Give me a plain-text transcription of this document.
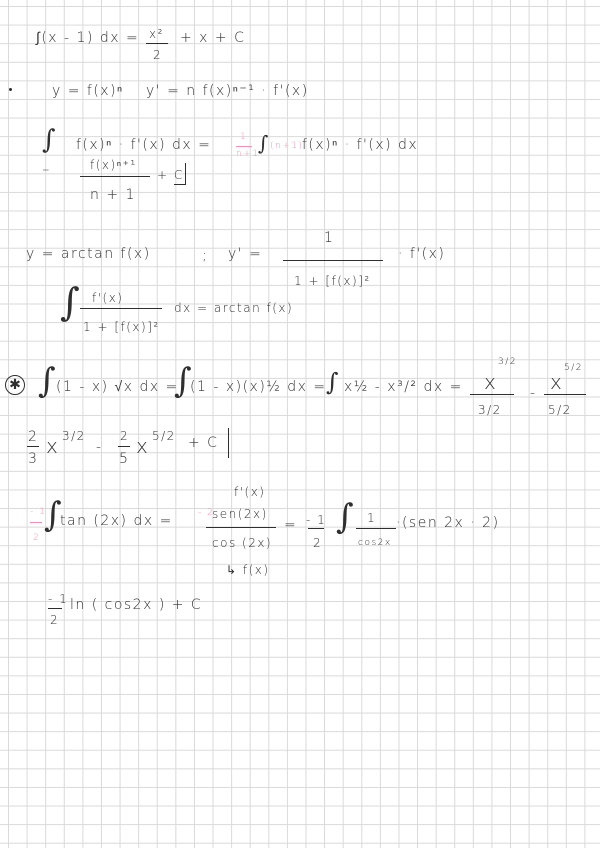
∫(x - 1) dx = x²
2
+ x + C
y = f(x)ⁿ y' = n f(x)ⁿ⁻¹ · f'(x)
∫ f(x)ⁿ · f'(x) dx =	1
n+1
∫ (n+1)
f(x)ⁿ · f'(x) dx
=	f(x)ⁿ⁺¹
n + 1
+ C
y = arctan f(x)	; y' =
1
1 + [f(x)]²
· f'(x)
∫ f'(x)
1 + [f(x)]²
dx = arctan f(x)
✱ ∫ (1 - x) √x dx =
∫
(1 - x)(x)½ dx = ∫ x½ - x³/² dx =
3/2
x
3/2
-
5/2
x
5/2
2
3
x 3/2
-
2
5
x 5/2 + C
- 1
2
∫
tan (2x) dx =
f'(x)
- 2
sen(2x)
cos (2x)
= - 1
2
∫ 1
cos2x
·(sen 2x · 2)
↳ f(x)
- 1
2
ln ( cos2x ) + C
